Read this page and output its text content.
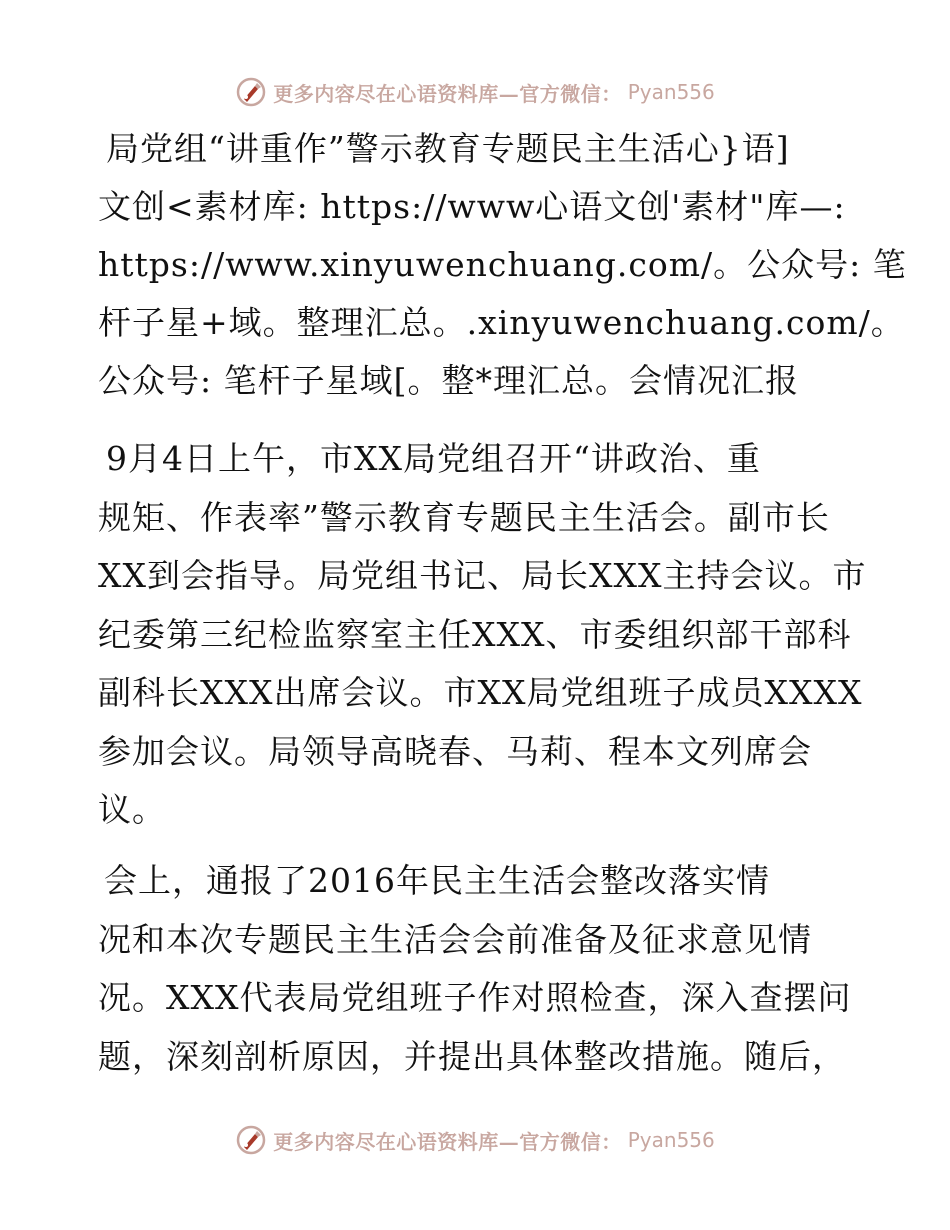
更多内容尽在心语资料库—官方微信： Pyan556
局党组“讲重作”警示教育专题民主生活心}语]
文创<素材库: https://www心语文创'素材"库—:
https://www.xinyuwenchuang.com/。公众号: 笔
杆子星+域。整理汇总。.xinyuwenchuang.com/。
公众号: 笔杆子星域[。整*理汇总。会情况汇报
9月4日上午，市XX局党组召开“讲政治、重
规矩、作表率”警示教育专题民主生活会。副市长
XX到会指导。局党组书记、局长XXX主持会议。市
纪委第三纪检监察室主任XXX、市委组织部干部科
副科长XXX出席会议。市XX局党组班子成员XXXX
参加会议。局领导高晓春、马莉、程本文列席会
议。
会上，通报了2016年民主生活会整改落实情
况和本次专题民主生活会会前准备及征求意见情
况。XXX代表局党组班子作对照检查，深入查摆问
题，深刻剖析原因，并提出具体整改措施。随后，
更多内容尽在心语资料库—官方微信： Pyan556
